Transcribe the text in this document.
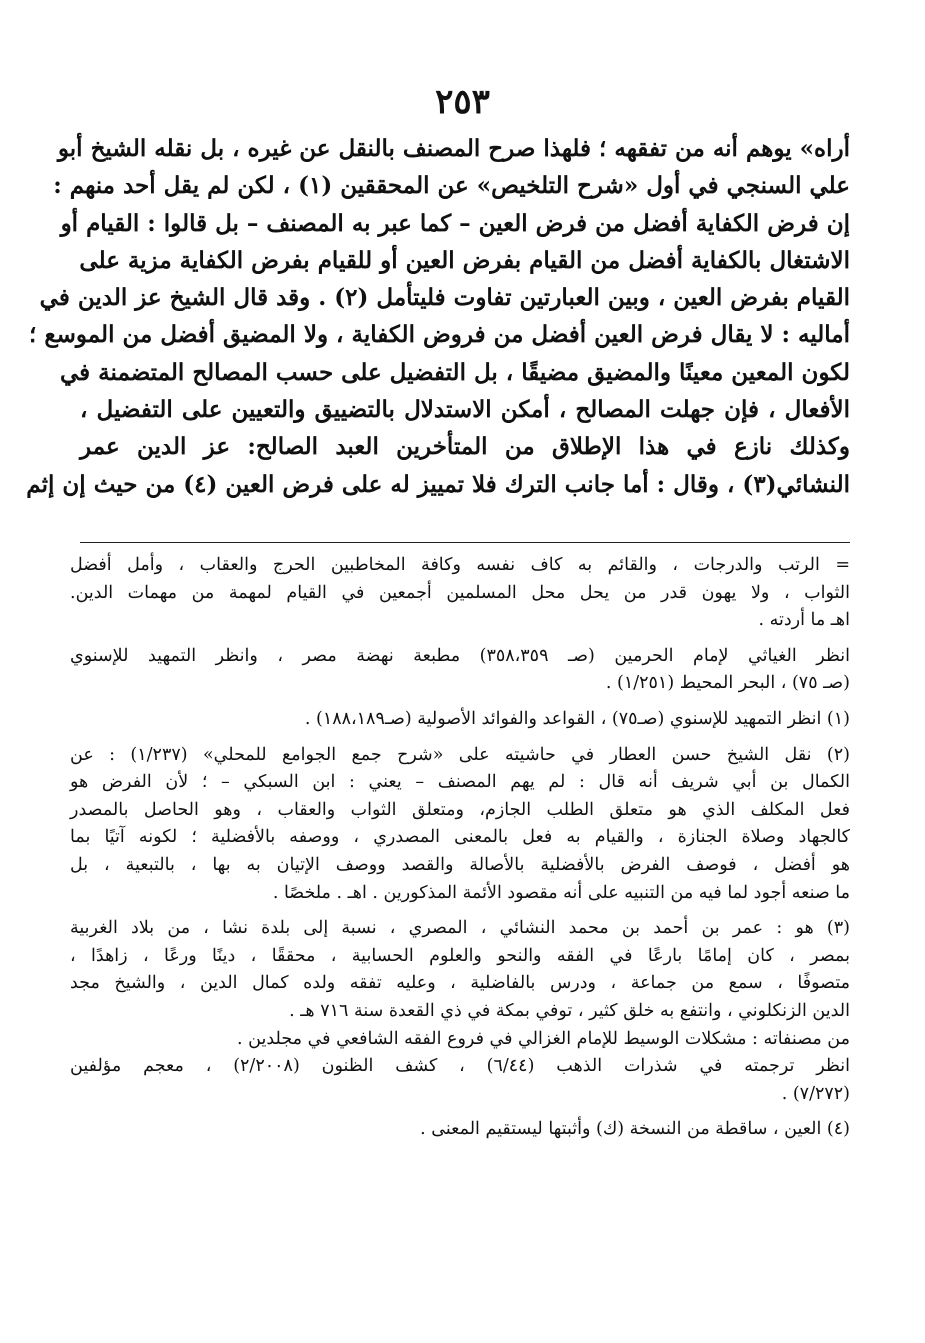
٢٥٣
أراه» يوهم أنه من تفقهه ؛ فلهذا صرح المصنف بالنقل عن غيره ، بل نقله الشيخ أبو
علي السنجي في أول «شرح التلخيص» عن المحققين (١) ، لكن لم يقل أحد منهم :
إن فرض الكفاية أفضل من فرض العين – كما عبر به المصنف – بل قالوا : القيام أو
الاشتغال بالكفاية أفضل من القيام بفرض العين أو للقيام بفرض الكفاية مزية على
القيام بفرض العين ، وبين العبارتين تفاوت فليتأمل (٢) . وقد قال الشيخ عز الدين في
أماليه : لا يقال فرض العين أفضل من فروض الكفاية ، ولا المضيق أفضل من الموسع ؛
لكون المعين معينًا والمضيق مضيقًا ، بل التفضيل على حسب المصالح المتضمنة في
الأفعال ، فإن جهلت المصالح ، أمكن الاستدلال بالتضييق والتعيين على التفضيل ،
وكذلك نازع في هذا الإطلاق من المتأخرين العبد الصالح: عز الدين عمر
النشائي(٣) ، وقال : أما جانب الترك فلا تمييز له على فرض العين (٤) من حيث إن إثم
= الرتب والدرجات ، والقائم به كاف نفسه وكافة المخاطبين الحرج والعقاب ، وأمل أفضل
الثواب ، ولا يهون قدر من يحل محل المسلمين أجمعين في القيام لمهمة من مهمات الدين.
اهـ ما أردته .
انظر الغياثي لإمام الحرمين (صـ ٣٥٨،٣٥٩) مطبعة نهضة مصر ، وانظر التمهيد للإسنوي
(صـ ٧٥) ، البحر المحيط (١/٢٥١) .
(١) انظر التمهيد للإسنوي (صـ٧٥) ، القواعد والفوائد الأصولية (صـ١٨٨،١٨٩) .
(٢) نقل الشيخ حسن العطار في حاشيته على «شرح جمع الجوامع للمحلي» (١/٢٣٧) : عن
الكمال بن أبي شريف أنه قال : لم يهم المصنف – يعني : ابن السبكي – ؛ لأن الفرض هو
فعل المكلف الذي هو متعلق الطلب الجازم، ومتعلق الثواب والعقاب ، وهو الحاصل بالمصدر
كالجهاد وصلاة الجنازة ، والقيام به فعل بالمعنى المصدري ، ووصفه بالأفضلية ؛ لكونه آتيًا بما
هو أفضل ، فوصف الفرض بالأفضلية بالأصالة والقصد ووصف الإتيان به بها ، بالتبعية ، بل
ما صنعه أجود لما فيه من التنبيه على أنه مقصود الأئمة المذكورين . اهـ . ملخصًا .
(٣) هو : عمر بن أحمد بن محمد النشائي ، المصري ، نسبة إلى بلدة نشا ، من بلاد الغربية
بمصر ، كان إمامًا بارعًا في الفقه والنحو والعلوم الحسابية ، محققًا ، دينًا ورعًا ، زاهدًا ،
متصوفًا ، سمع من جماعة ، ودرس بالفاضلية ، وعليه تفقه ولده كمال الدين ، والشيخ مجد
الدين الزنكلوني ، وانتفع به خلق كثير ، توفي بمكة في ذي القعدة سنة ٧١٦ هـ .
من مصنفاته : مشكلات الوسيط للإمام الغزالي في فروع الفقه الشافعي في مجلدين .
انظر ترجمته في شذرات الذهب (٦/٤٤) ، كشف الظنون (٢/٢٠٠٨) ، معجم مؤلفين
(٧/٢٧٢) .
(٤) العين ، ساقطة من النسخة (ك) وأثبتها ليستقيم المعنى .
